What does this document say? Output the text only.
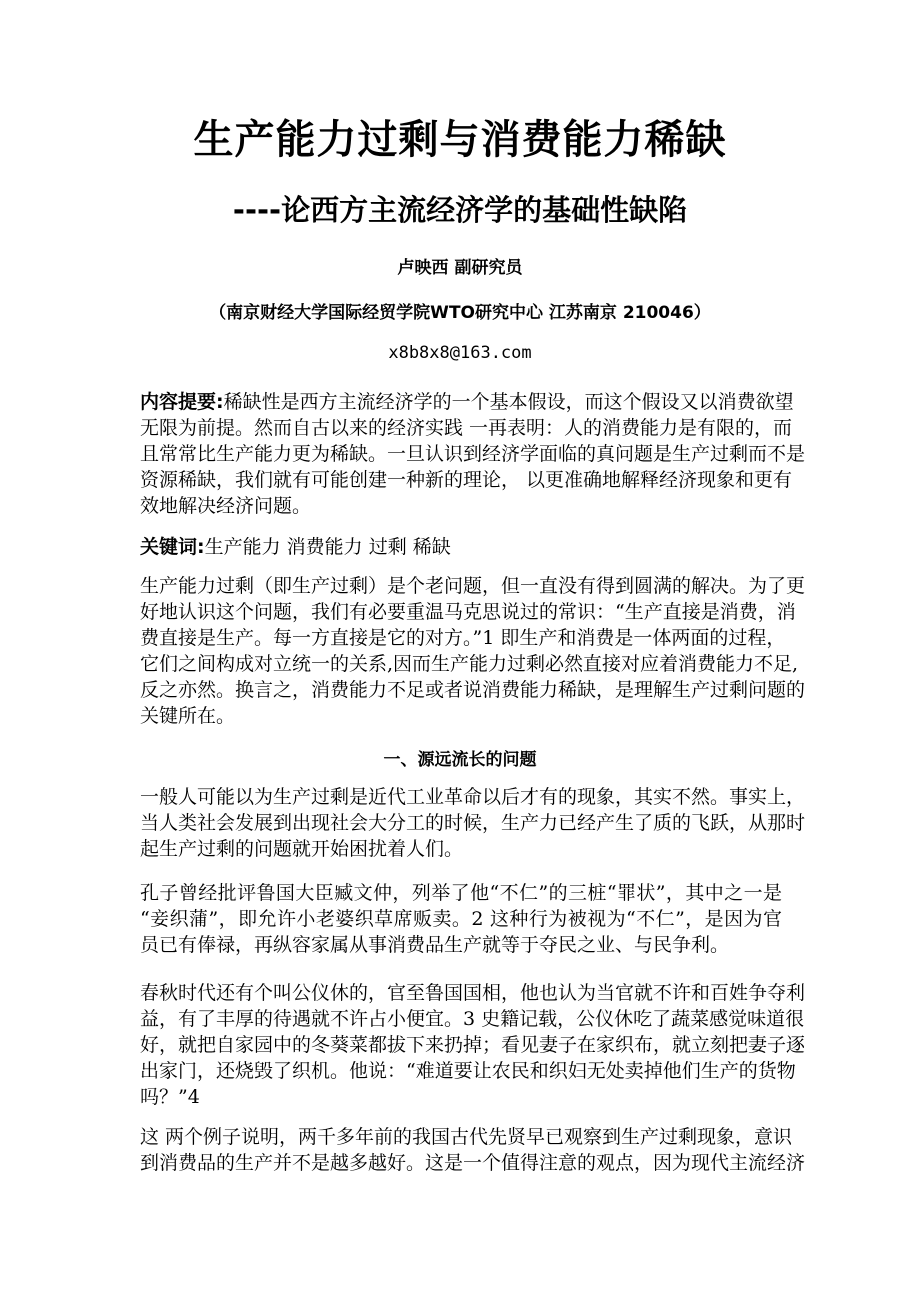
生产能力过剩与消费能力稀缺
----论西方主流经济学的基础性缺陷
卢映西 副研究员
（南京财经大学国际经贸学院WTO研究中心 江苏南京 210046）
x8b8x8@163.com
内容提要:稀缺性是西方主流经济学的一个基本假设，而这个假设又以消费欲望
无限为前提。然而自古以来的经济实践 一再表明：人的消费能力是有限的，而
且常常比生产能力更为稀缺。一旦认识到经济学面临的真问题是生产过剩而不是
资源稀缺，我们就有可能创建一种新的理论， 以更准确地解释经济现象和更有
效地解决经济问题。
关键词:生产能力 消费能力 过剩 稀缺
生产能力过剩（即生产过剩）是个老问题，但一直没有得到圆满的解决。为了更
好地认识这个问题，我们有必要重温马克思说过的常识：“生产直接是消费，消
费直接是生产。每一方直接是它的对方。”1 即生产和消费是一体两面的过程，
它们之间构成对立统一的关系,因而生产能力过剩必然直接对应着消费能力不足,
反之亦然。换言之，消费能力不足或者说消费能力稀缺，是理解生产过剩问题的
关键所在。
一、源远流长的问题
一般人可能以为生产过剩是近代工业革命以后才有的现象，其实不然。事实上，
当人类社会发展到出现社会大分工的时候，生产力已经产生了质的飞跃，从那时
起生产过剩的问题就开始困扰着人们。
孔子曾经批评鲁国大臣臧文仲，列举了他“不仁”的三桩“罪状”，其中之一是
“妾织蒲”，即允许小老婆织草席贩卖。2 这种行为被视为“不仁”，是因为官
员已有俸禄，再纵容家属从事消费品生产就等于夺民之业、与民争利。
春秋时代还有个叫公仪休的，官至鲁国国相，他也认为当官就不许和百姓争夺利
益，有了丰厚的待遇就不许占小便宜。3 史籍记载，公仪休吃了蔬菜感觉味道很
好，就把自家园中的冬葵菜都拔下来扔掉；看见妻子在家织布，就立刻把妻子逐
出家门，还烧毁了织机。他说：“难道要让农民和织妇无处卖掉他们生产的货物
吗？”4
这 两个例子说明，两千多年前的我国古代先贤早已观察到生产过剩现象，意识
到消费品的生产并不是越多越好。这是一个值得注意的观点，因为现代主流经济
